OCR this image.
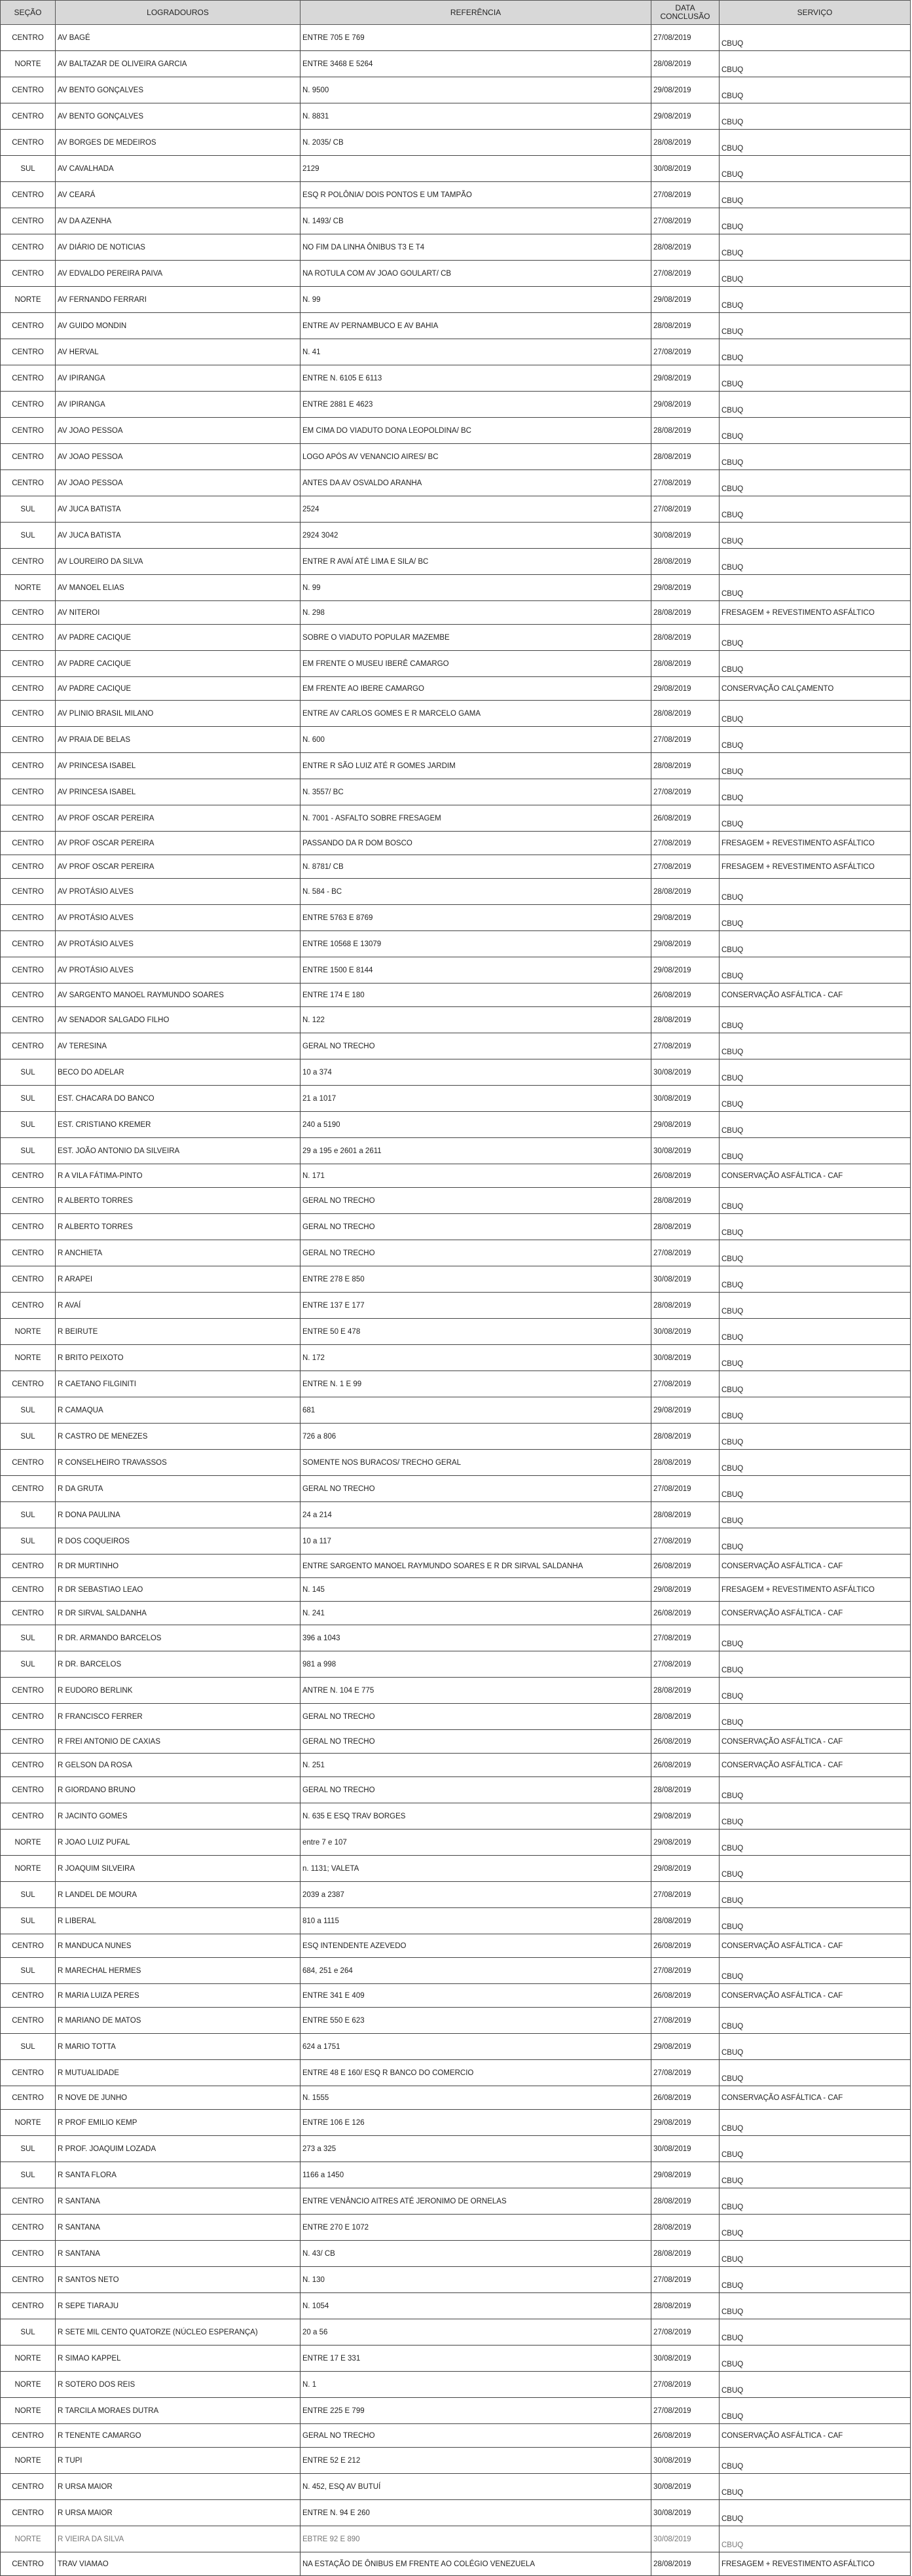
SEÇÃO	LOGRADOUROS	REFERÊNCIA	DATA
CONCLUSÃO	SERVIÇO
CENTRO	AV BAGÉ	ENTRE 705 E 769	27/08/2019	CBUQ
NORTE	AV BALTAZAR DE OLIVEIRA GARCIA	ENTRE 3468 E 5264	28/08/2019	CBUQ
CENTRO	AV BENTO GONÇALVES	N. 9500	29/08/2019	CBUQ
CENTRO	AV BENTO GONÇALVES	N. 8831	29/08/2019	CBUQ
CENTRO	AV BORGES DE MEDEIROS	N. 2035/ CB	28/08/2019	CBUQ
SUL	AV CAVALHADA	2129	30/08/2019	CBUQ
CENTRO	AV CEARÁ	ESQ R POLÔNIA/ DOIS PONTOS E UM TAMPÃO	27/08/2019	CBUQ
CENTRO	AV DA AZENHA	N. 1493/ CB	27/08/2019	CBUQ
CENTRO	AV DIÁRIO DE NOTICIAS	NO FIM DA LINHA ÔNIBUS T3 E T4	28/08/2019	CBUQ
CENTRO	AV EDVALDO PEREIRA PAIVA	NA ROTULA COM AV JOAO GOULART/ CB	27/08/2019	CBUQ
NORTE	AV FERNANDO FERRARI	N. 99	29/08/2019	CBUQ
CENTRO	AV GUIDO MONDIN	ENTRE AV PERNAMBUCO E AV BAHIA	28/08/2019	CBUQ
CENTRO	AV HERVAL	N. 41	27/08/2019	CBUQ
CENTRO	AV IPIRANGA	ENTRE N. 6105 E 6113	29/08/2019	CBUQ
CENTRO	AV IPIRANGA	ENTRE 2881 E 4623	29/08/2019	CBUQ
CENTRO	AV JOAO PESSOA	EM CIMA DO VIADUTO DONA LEOPOLDINA/ BC	28/08/2019	CBUQ
CENTRO	AV JOAO PESSOA	LOGO APÓS AV VENANCIO AIRES/ BC	28/08/2019	CBUQ
CENTRO	AV JOAO PESSOA	ANTES DA AV OSVALDO ARANHA	27/08/2019	CBUQ
SUL	AV JUCA BATISTA	2524	27/08/2019	CBUQ
SUL	AV JUCA BATISTA	2924 3042	30/08/2019	CBUQ
CENTRO	AV LOUREIRO DA SILVA	ENTRE R AVAÍ ATÉ LIMA E SILA/ BC	28/08/2019	CBUQ
NORTE	AV MANOEL ELIAS	N. 99	29/08/2019	CBUQ
CENTRO	AV NITEROI	N. 298	28/08/2019	FRESAGEM + REVESTIMENTO ASFÁLTICO
CENTRO	AV PADRE CACIQUE	SOBRE O VIADUTO POPULAR MAZEMBE	28/08/2019	CBUQ
CENTRO	AV PADRE CACIQUE	EM FRENTE O MUSEU IBERÊ CAMARGO	28/08/2019	CBUQ
CENTRO	AV PADRE CACIQUE	EM FRENTE AO IBERE CAMARGO	29/08/2019	CONSERVAÇÃO CALÇAMENTO
CENTRO	AV PLINIO BRASIL MILANO	ENTRE AV CARLOS GOMES E R MARCELO GAMA	28/08/2019	CBUQ
CENTRO	AV PRAIA DE BELAS	N. 600	27/08/2019	CBUQ
CENTRO	AV PRINCESA ISABEL	ENTRE R SÃO LUIZ ATÉ R GOMES JARDIM	28/08/2019	CBUQ
CENTRO	AV PRINCESA ISABEL	N. 3557/ BC	27/08/2019	CBUQ
CENTRO	AV PROF OSCAR PEREIRA	N. 7001 - ASFALTO SOBRE FRESAGEM	26/08/2019	CBUQ
CENTRO	AV PROF OSCAR PEREIRA	PASSANDO DA R DOM BOSCO	27/08/2019	FRESAGEM + REVESTIMENTO ASFÁLTICO
CENTRO	AV PROF OSCAR PEREIRA	N. 8781/ CB	27/08/2019	FRESAGEM + REVESTIMENTO ASFÁLTICO
CENTRO	AV PROTÁSIO ALVES	N. 584 - BC	28/08/2019	CBUQ
CENTRO	AV PROTÁSIO ALVES	ENTRE 5763 E 8769	29/08/2019	CBUQ
CENTRO	AV PROTÁSIO ALVES	ENTRE 10568 E 13079	29/08/2019	CBUQ
CENTRO	AV PROTÁSIO ALVES	ENTRE 1500 E 8144	29/08/2019	CBUQ
CENTRO	AV SARGENTO MANOEL RAYMUNDO SOARES	ENTRE 174 E 180	26/08/2019	CONSERVAÇÃO ASFÁLTICA - CAF
CENTRO	AV SENADOR SALGADO FILHO	N. 122	28/08/2019	CBUQ
CENTRO	AV TERESINA	GERAL NO TRECHO	27/08/2019	CBUQ
SUL	BECO DO ADELAR	10 a 374	30/08/2019	CBUQ
SUL	EST. CHACARA DO BANCO	21 a 1017	30/08/2019	CBUQ
SUL	EST. CRISTIANO KREMER	240 a 5190	29/08/2019	CBUQ
SUL	EST. JOÃO ANTONIO DA SILVEIRA	29 a 195 e 2601 a 2611	30/08/2019	CBUQ
CENTRO	R A VILA FÁTIMA-PINTO	N. 171	26/08/2019	CONSERVAÇÃO ASFÁLTICA - CAF
CENTRO	R ALBERTO TORRES	GERAL NO TRECHO	28/08/2019	CBUQ
CENTRO	R ALBERTO TORRES	GERAL NO TRECHO	28/08/2019	CBUQ
CENTRO	R ANCHIETA	GERAL NO TRECHO	27/08/2019	CBUQ
CENTRO	R ARAPEI	ENTRE 278 E 850	30/08/2019	CBUQ
CENTRO	R AVAÍ	ENTRE 137 E 177	28/08/2019	CBUQ
NORTE	R BEIRUTE	ENTRE 50 E 478	30/08/2019	CBUQ
NORTE	R BRITO PEIXOTO	N. 172	30/08/2019	CBUQ
CENTRO	R CAETANO FILGINITI	ENTRE N. 1 E 99	27/08/2019	CBUQ
SUL	R CAMAQUA	681	29/08/2019	CBUQ
SUL	R CASTRO DE MENEZES	726 a 806	28/08/2019	CBUQ
CENTRO	R CONSELHEIRO TRAVASSOS	SOMENTE NOS BURACOS/ TRECHO GERAL	28/08/2019	CBUQ
CENTRO	R DA GRUTA	GERAL NO TRECHO	27/08/2019	CBUQ
SUL	R DONA PAULINA	24 a 214	28/08/2019	CBUQ
SUL	R DOS COQUEIROS	10 a 117	27/08/2019	CBUQ
CENTRO	R DR MURTINHO	ENTRE SARGENTO MANOEL RAYMUNDO SOARES E R DR SIRVAL SALDANHA	26/08/2019	CONSERVAÇÃO ASFÁLTICA - CAF
CENTRO	R DR SEBASTIAO LEAO	N. 145	29/08/2019	FRESAGEM + REVESTIMENTO ASFÁLTICO
CENTRO	R DR SIRVAL SALDANHA	N. 241	26/08/2019	CONSERVAÇÃO ASFÁLTICA - CAF
SUL	R DR. ARMANDO BARCELOS	396 a 1043	27/08/2019	CBUQ
SUL	R DR. BARCELOS	981 a 998	27/08/2019	CBUQ
CENTRO	R EUDORO BERLINK	ANTRE N. 104 E 775	28/08/2019	CBUQ
CENTRO	R FRANCISCO FERRER	GERAL NO TRECHO	28/08/2019	CBUQ
CENTRO	R FREI ANTONIO DE CAXIAS	GERAL NO TRECHO	26/08/2019	CONSERVAÇÃO ASFÁLTICA - CAF
CENTRO	R GELSON DA ROSA	N. 251	26/08/2019	CONSERVAÇÃO ASFÁLTICA - CAF
CENTRO	R GIORDANO BRUNO	GERAL NO TRECHO	28/08/2019	CBUQ
CENTRO	R JACINTO GOMES	N. 635 E ESQ TRAV BORGES	29/08/2019	CBUQ
NORTE	R JOAO LUIZ PUFAL	entre 7 e 107	29/08/2019	CBUQ
NORTE	R JOAQUIM SILVEIRA	n. 1131; VALETA	29/08/2019	CBUQ
SUL	R LANDEL DE MOURA	2039 a 2387	27/08/2019	CBUQ
SUL	R LIBERAL	810 a 1115	28/08/2019	CBUQ
CENTRO	R MANDUCA NUNES	ESQ INTENDENTE AZEVEDO	26/08/2019	CONSERVAÇÃO ASFÁLTICA - CAF
SUL	R MARECHAL HERMES	684, 251 e 264	27/08/2019	CBUQ
CENTRO	R MARIA LUIZA PERES	ENTRE 341 E 409	26/08/2019	CONSERVAÇÃO ASFÁLTICA - CAF
CENTRO	R MARIANO DE MATOS	ENTRE 550 E 623	27/08/2019	CBUQ
SUL	R MARIO TOTTA	624 a 1751	29/08/2019	CBUQ
CENTRO	R MUTUALIDADE	ENTRE 48 E 160/ ESQ R BANCO DO COMERCIO	27/08/2019	CBUQ
CENTRO	R NOVE DE JUNHO	N. 1555	26/08/2019	CONSERVAÇÃO ASFÁLTICA - CAF
NORTE	R PROF EMILIO KEMP	ENTRE 106 E 126	29/08/2019	CBUQ
SUL	R PROF. JOAQUIM LOZADA	273 a 325	30/08/2019	CBUQ
SUL	R SANTA FLORA	1166 a 1450	29/08/2019	CBUQ
CENTRO	R SANTANA	ENTRE VENÂNCIO AITRES ATÉ JERONIMO DE ORNELAS	28/08/2019	CBUQ
CENTRO	R SANTANA	ENTRE 270 E 1072	28/08/2019	CBUQ
CENTRO	R SANTANA	N. 43/ CB	28/08/2019	CBUQ
CENTRO	R SANTOS NETO	N. 130	27/08/2019	CBUQ
CENTRO	R SEPE TIARAJU	N. 1054	28/08/2019	CBUQ
SUL	R SETE MIL CENTO QUATORZE (NÚCLEO ESPERANÇA)	20 a 56	27/08/2019	CBUQ
NORTE	R SIMAO KAPPEL	ENTRE 17 E 331	30/08/2019	CBUQ
NORTE	R SOTERO DOS REIS	N. 1	27/08/2019	CBUQ
NORTE	R TARCILA MORAES DUTRA	ENTRE 225 E 799	27/08/2019	CBUQ
CENTRO	R TENENTE CAMARGO	GERAL NO TRECHO	26/08/2019	CONSERVAÇÃO ASFÁLTICA - CAF
NORTE	R TUPI	ENTRE 52 E 212	30/08/2019	CBUQ
CENTRO	R URSA MAIOR	N. 452, ESQ AV BUTUÍ	30/08/2019	CBUQ
CENTRO	R URSA MAIOR	ENTRE N. 94 E 260	30/08/2019	CBUQ
NORTE	R VIEIRA DA SILVA	EBTRE 92 E 890	30/08/2019	CBUQ
CENTRO	TRAV VIAMAO	NA ESTAÇÃO DE ÔNIBUS EM FRENTE AO COLÉGIO VENEZUELA	28/08/2019	FRESAGEM + REVESTIMENTO ASFÁLTICO
